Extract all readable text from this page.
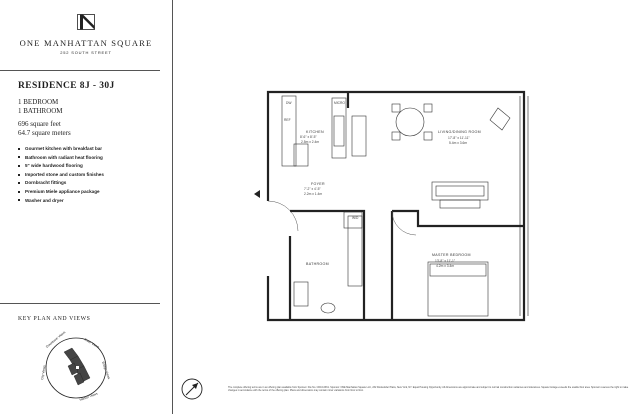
ONE MANHATTAN SQUARE
252 SOUTH STREET
RESIDENCE 8J - 30J
1 BEDROOM
1 BATHROOM
696 square feet
64.7 square meters
Gourmet kitchen with breakfast bar
Bathroom with radiant heat flooring
5" wide hardwood flooring
Imported stone and custom finishes
Dornbracht fittings
Premium Miele appliance package
Washer and dryer
KEY PLAN AND VIEWS
Downtown Views	River Views
Bridge Views
Harbor Views
City Views
KITCHEN
8'-6" x 8'-5"
2.5m x 2.4m
LIVING/DINING ROOM
17'-8" x 11'-11"
5.4m x 3.6m
FOYER
7'-2" x 4'-5"
2.2m x 1.4m
BATHROOM
MASTER BEDROOM
13'-8" x 11'-1"
4.2m x 3.4m
DW
REF
MICRO
W/D
The complete offering terms are in an offering plan available from Sponsor. File No. CD16-0361. Sponsor: ONE Manhattan Square LLC, 232 Rockefeller Plaza, New York, NY. Equal Housing Opportunity. All dimensions are approximate and subject to normal construction variances and tolerances. Square footage exceeds the usable floor area. Sponsor reserves the right to make changes in accordance with the terms of the offering plan. Plans and dimensions may contain minor variations from floor to floor.
